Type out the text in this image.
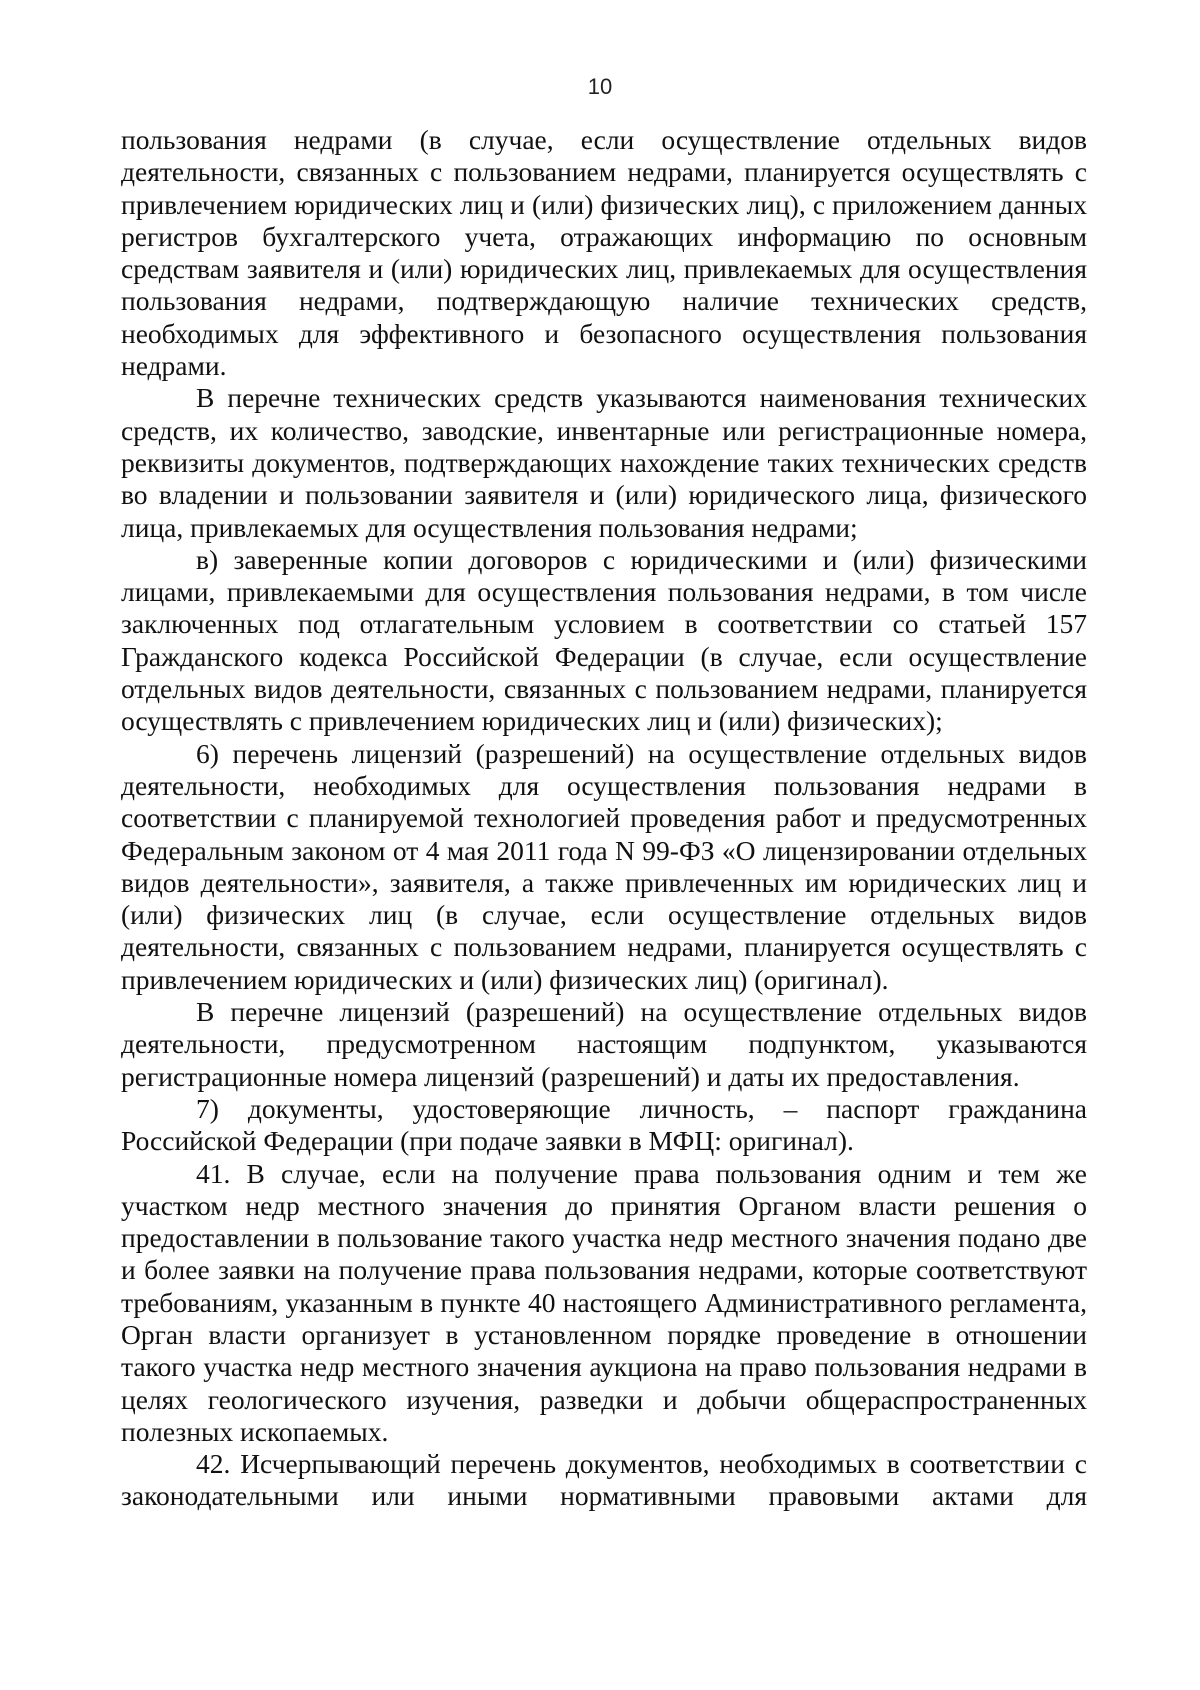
10

пользования недрами (в случае, если осуществление отдельных видов деятельности, связанных с пользованием недрами, планируется осуществлять с привлечением юридических лиц и (или) физических лиц), с приложением данных регистров бухгалтерского учета, отражающих информацию по основным средствам заявителя и (или) юридических лиц, привлекаемых для осуществления пользования недрами, подтверждающую наличие технических средств, необходимых для эффективного и безопасного осуществления пользования недрами.

В перечне технических средств указываются наименования технических средств, их количество, заводские, инвентарные или регистрационные номера, реквизиты документов, подтверждающих нахождение таких технических средств во владении и пользовании заявителя и (или) юридического лица, физического лица, привлекаемых для осуществления пользования недрами;

в) заверенные копии договоров с юридическими и (или) физическими лицами, привлекаемыми для осуществления пользования недрами, в том числе заключенных под отлагательным условием в соответствии со статьей 157 Гражданского кодекса Российской Федерации (в случае, если осуществление отдельных видов деятельности, связанных с пользованием недрами, планируется осуществлять с привлечением юридических лиц и (или) физических);

6) перечень лицензий (разрешений) на осуществление отдельных видов деятельности, необходимых для осуществления пользования недрами в соответствии с планируемой технологией проведения работ и предусмотренных Федеральным законом от 4 мая 2011 года N 99-ФЗ «О лицензировании отдельных видов деятельности», заявителя, а также привлеченных им юридических лиц и (или) физических лиц (в случае, если осуществление отдельных видов деятельности, связанных с пользованием недрами, планируется осуществлять с привлечением юридических и (или) физических лиц) (оригинал).

В перечне лицензий (разрешений) на осуществление отдельных видов деятельности, предусмотренном настоящим подпунктом, указываются регистрационные номера лицензий (разрешений) и даты их предоставления.

7) документы, удостоверяющие личность, – паспорт гражданина Российской Федерации (при подаче заявки в МФЦ: оригинал).

41. В случае, если на получение права пользования одним и тем же участком недр местного значения до принятия Органом власти решения о предоставлении в пользование такого участка недр местного значения подано две и более заявки на получение права пользования недрами, которые соответствуют требованиям, указанным в пункте 40 настоящего Административного регламента, Орган власти организует в установленном порядке проведение в отношении такого участка недр местного значения аукциона на право пользования недрами в целях геологического изучения, разведки и добычи общераспространенных полезных ископаемых.

42. Исчерпывающий перечень документов, необходимых в соответствии с законодательными или иными нормативными правовыми актами для
